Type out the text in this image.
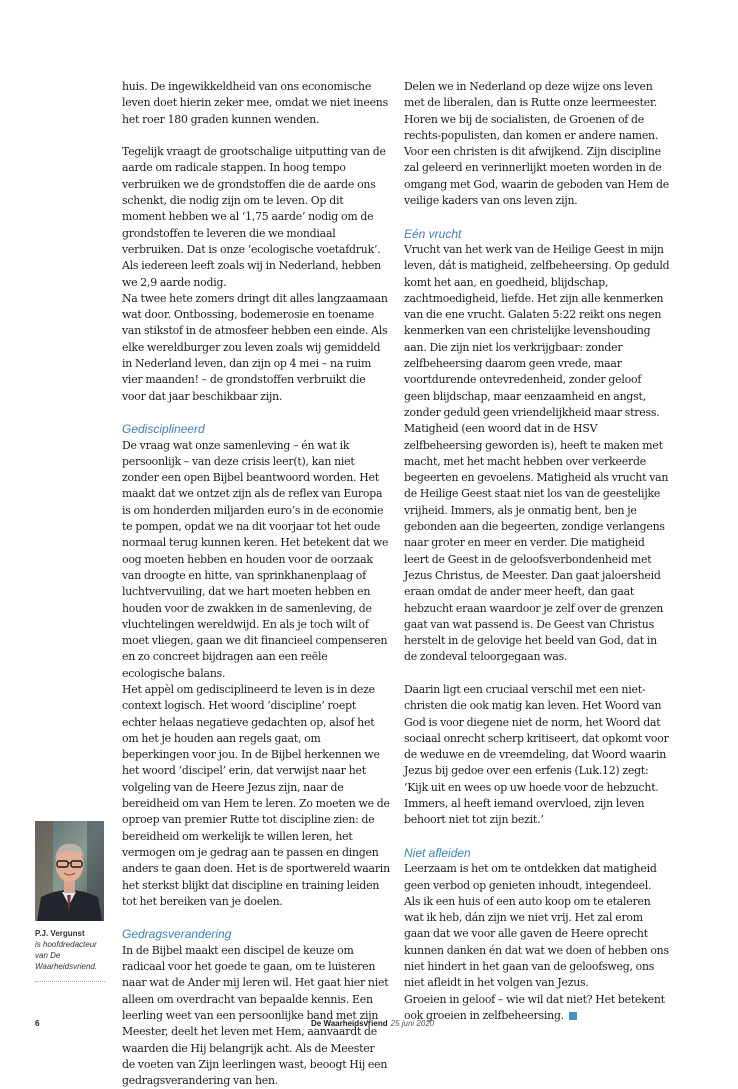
huis. De ingewikkeldheid van ons economische leven doet hierin zeker mee, omdat we niet ineens het roer 180 graden kunnen wenden.

Tegelijk vraagt de grootschalige uitputting van de aarde om radicale stappen. In hoog tempo verbruiken we de grondstoffen die de aarde ons schenkt, die nodig zijn om te leven. Op dit moment hebben we al ‘1,75 aarde’ nodig om de grondstoffen te leveren die we mondiaal verbruiken. Dat is onze ‘ecologische voetafdruk’. Als iedereen leeft zoals wij in Nederland, hebben we 2,9 aarde nodig.

Na twee hete zomers dringt dit alles langzaamaan wat door. Ontbossing, bodemerosie en toename van stikstof in de atmosfeer hebben een einde. Als elke wereldburger zou leven zoals wij gemiddeld in Nederland leven, dan zijn op 4 mei – na ruim vier maanden! – de grondstoffen verbruikt die voor dat jaar beschikbaar zijn.

Gedisciplineerd

De vraag wat onze samenleving – én wat ik persoonlijk – van deze crisis leer(t), kan niet zonder een open Bijbel beantwoord worden. Het maakt dat we ontzet zijn als de reflex van Europa is om honderden miljarden euro’s in de economie te pompen, opdat we na dit voorjaar tot het oude normaal terug kunnen keren. Het betekent dat we oog moeten hebben en houden voor de oorzaak van droogte en hitte, van sprinkhanenplaag of luchtvervuiling, dat we hart moeten hebben en houden voor de zwakken in de samenleving, de vluchtelingen wereldwijd. En als je toch wilt of moet vliegen, gaan we dit financieel compenseren en zo concreet bijdragen aan een reële ecologische balans.

Het appèl om gedisciplineerd te leven is in deze context logisch. Het woord ‘discipline’ roept echter helaas negatieve gedachten op, alsof het om het je houden aan regels gaat, om beperkingen voor jou. In de Bijbel herkennen we het woord ‘discipel’ erin, dat verwijst naar het volgeling van de Heere Jezus zijn, naar de bereidheid om van Hem te leren. Zo moeten we de oproep van premier Rutte tot discipline zien: de bereidheid om werkelijk te willen leren, het vermogen om je gedrag aan te passen en dingen anders te gaan doen. Het is de sportwereld waarin het sterkst blijkt dat discipline en training leiden tot het bereiken van je doelen.

Gedragsverandering

In de Bijbel maakt een discipel de keuze om radicaal voor het goede te gaan, om te luisteren naar wat de Ander mij leren wil. Het gaat hier niet alleen om overdracht van bepaalde kennis. Een leerling weet van een persoonlijke band met zijn Meester, deelt het leven met Hem, aanvaardt de waarden die Hij belangrijk acht. Als de Meester de voeten van Zijn leerlingen wast, beoogt Hij een gedragsverandering van hen.

Delen we in Nederland op deze wijze ons leven met de liberalen, dan is Rutte onze leermeester. Horen we bij de socialisten, de Groenen of de rechts-populisten, dan komen er andere namen. Voor een christen is dit afwijkend. Zijn discipline zal geleerd en verinnerlijkt moeten worden in de omgang met God, waarin de geboden van Hem de veilige kaders van ons leven zijn.

Eén vrucht

Vrucht van het werk van de Heilige Geest in mijn leven, dát is matigheid, zelfbeheersing. Op geduld komt het aan, en goedheid, blijdschap, zachtmoedigheid, liefde. Het zijn alle kenmerken van die ene vrucht. Galaten 5:22 reikt ons negen kenmerken van een christelijke levenshouding aan. Die zijn niet los verkrijgbaar: zonder zelfbeheersing daarom geen vrede, maar voortdurende ontevredenheid, zonder geloof geen blijdschap, maar eenzaamheid en angst, zonder geduld geen vriendelijkheid maar stress. Matigheid (een woord dat in de HSV zelfbeheersing geworden is), heeft te maken met macht, met het macht hebben over verkeerde begeerten en gevoelens. Matigheid als vrucht van de Heilige Geest staat niet los van de geestelijke vrijheid. Immers, als je onmatig bent, ben je gebonden aan die begeerten, zondige verlangens naar groter en meer en verder. Die matigheid leert de Geest in de geloofsverbondenheid met Jezus Christus, de Meester. Dan gaat jaloersheid eraan omdat de ander meer heeft, dan gaat hebzucht eraan waardoor je zelf over de grenzen gaat van wat passend is. De Geest van Christus herstelt in de gelovige het beeld van God, dat in de zondeval teloorgegaan was.

Daarin ligt een cruciaal verschil met een niet-christen die ook matig kan leven. Het Woord van God is voor diegene niet de norm, het Woord dat sociaal onrecht scherp kritiseert, dat opkomt voor de weduwe en de vreemdeling, dat Woord waarin Jezus bij gedoe over een erfenis (Luk.12) zegt: ‘Kijk uit en wees op uw hoede voor de hebzucht. Immers, al heeft iemand overvloed, zijn leven behoort niet tot zijn bezit.’

Niet afleiden

Leerzaam is het om te ontdekken dat matigheid geen verbod op genieten inhoudt, integendeel. Als ik een huis of een auto koop om te etaleren wat ik heb, dán zijn we niet vrij. Het zal erom gaan dat we voor alle gaven de Heere oprecht kunnen danken én dat wat we doen of hebben ons niet hindert in het gaan van de geloofsweg, ons niet afleidt in het volgen van Jezus.

Groeien in geloof – wie wil dat niet? Het betekent ook groeien in zelfbeheersing.

P.J. Vergunst
is hoofdredacteur van De Waarheidsvriend.
6	De Waarheidsvriend 25 juni 2020
